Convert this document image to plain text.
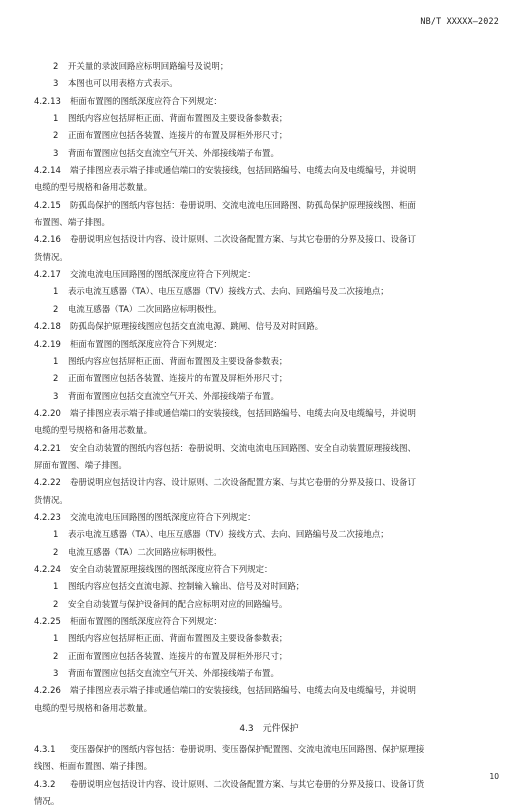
NB/T XXXXX—2022
2 开关量的录波回路应标明回路编号及说明；
3 本图也可以用表格方式表示。
4.2.13 柜面布置图的图纸深度应符合下列规定：
1 图纸内容应包括屏柜正面、背面布置图及主要设备参数表；
2 正面布置图应包括各装置、连接片的布置及屏柜外形尺寸；
3 背面布置图应包括交直流空气开关、外部接线端子布置。
4.2.14 端子排图应表示端子排或通信端口的安装接线，包括回路编号、电缆去向及电缆编号，并说明
电缆的型号规格和备用芯数量。
4.2.15 防孤岛保护的图纸内容包括：卷册说明、交流电流电压回路图、防孤岛保护原理接线图、柜面
布置图、端子排图。
4.2.16 卷册说明应包括设计内容、设计原则、二次设备配置方案、与其它卷册的分界及接口、设备订
货情况。
4.2.17 交流电流电压回路图的图纸深度应符合下列规定：
1 表示电流互感器（TA）、电压互感器（TV）接线方式、去向、回路编号及二次接地点；
2 电流互感器（TA）二次回路应标明极性。
4.2.18 防孤岛保护原理接线图应包括交直流电源、跳闸、信号及对时回路。
4.2.19 柜面布置图的图纸深度应符合下列规定：
1 图纸内容应包括屏柜正面、背面布置图及主要设备参数表；
2 正面布置图应包括各装置、连接片的布置及屏柜外形尺寸；
3 背面布置图应包括交直流空气开关、外部接线端子布置。
4.2.20 端子排图应表示端子排或通信端口的安装接线，包括回路编号、电缆去向及电缆编号，并说明
电缆的型号规格和备用芯数量。
4.2.21 安全自动装置的图纸内容包括：卷册说明、交流电流电压回路图、安全自动装置原理接线图、
屏面布置图、端子排图。
4.2.22 卷册说明应包括设计内容、设计原则、二次设备配置方案、与其它卷册的分界及接口、设备订
货情况。
4.2.23 交流电流电压回路图的图纸深度应符合下列规定：
1 表示电流互感器（TA）、电压互感器（TV）接线方式、去向、回路编号及二次接地点；
2 电流互感器（TA）二次回路应标明极性。
4.2.24 安全自动装置原理接线图的图纸深度应符合下列规定：
1 图纸内容应包括交直流电源、控制输入输出、信号及对时回路；
2 安全自动装置与保护设备间的配合应标明对应的回路编号。
4.2.25 柜面布置图的图纸深度应符合下列规定：
1 图纸内容应包括屏柜正面、背面布置图及主要设备参数表；
2 正面布置图应包括各装置、连接片的布置及屏柜外形尺寸；
3 背面布置图应包括交直流空气开关、外部接线端子布置。
4.2.26 端子排图应表示端子排或通信端口的安装接线，包括回路编号、电缆去向及电缆编号，并说明
电缆的型号规格和备用芯数量。
4.3　元件保护
4.3.1 变压器保护的图纸内容包括：卷册说明、变压器保护配置图、交流电流电压回路图、保护原理接
线图、柜面布置图、端子排图。
4.3.2 卷册说明应包括设计内容、设计原则、二次设备配置方案、与其它卷册的分界及接口、设备订货
情况。
10
